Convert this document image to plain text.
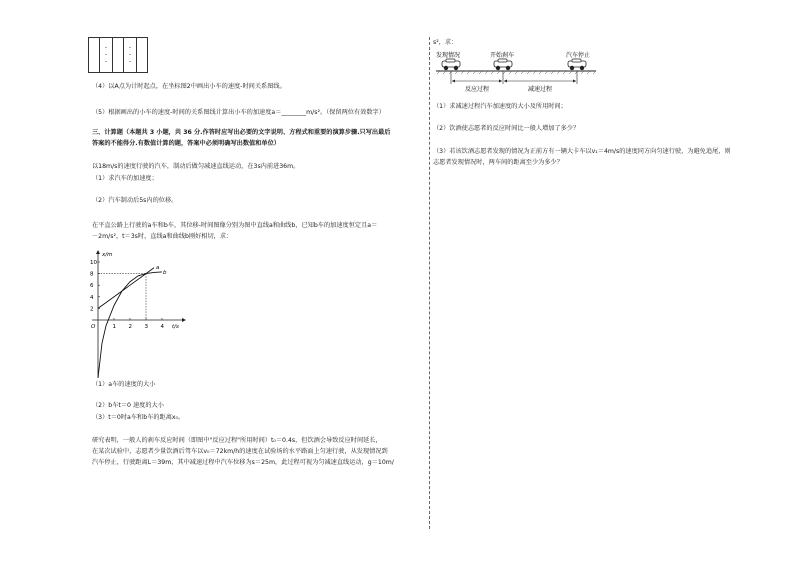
–
–
–

–
–
–

（4）以A点为计时起点，在坐标图2中画出小车的速度-时间关系图线。
（5）根据画出的小车的速度-时间的关系图线计算出小车的加速度a＝________m/s²。（保留两位有效数字）
三、计算题（本题共 3 小题，共 36 分.作答时应写出必要的文字说明、方程式和重要的演算步骤.只写出最后
答案的不能得分.有数值计算的题，答案中必须明确写出数值和单位）
以18m/s的速度行驶的汽车，制动后做匀减速直线运动，在3s内前进36m。
（1）求汽车的加速度；
（2）汽车制动后5s内的位移。
在平直公路上行驶的a车和b车，其位移-时间图像分别为图中直线a和曲线b，已知b车的加速度恒定且a＝
－2m/s²，t＝3s时，直线a和曲线b刚好相切，求：
x/m
t/s
2
4
6
8
10
O	1 2 3 4
a
b
（1）a车的速度的大小
（2）b车t＝0 速度的大小
（3）t＝0时a车和b车的距离x₀。
研究表明，一般人的刹车反应时间（即图中"反应过程"所用时间）t₀＝0.4s，但饮酒会导致反应时间延长，
在某次试验中，志愿者少量饮酒后驾车以v₀＝72km/h的速度在试验场的水平路面上匀速行驶，从发现情况到
汽车停止，行驶距离L＝39m，其中减速过程中汽车位移为s＝25m，此过程可视为匀减速直线运动，g＝10m/
s²，求：
发现情况	开始刹车	汽车停止
反应过程	减速过程
（1）求减速过程汽车加速度的大小及所用时间；
（2）饮酒使志愿者的反应时间比一般人增加了多少？
（3）若该饮酒志愿者发现的情况为正前方有一辆大卡车以v₁＝4m/s的速度同方向匀速行驶，为避免追尾，则
志愿者发现情况时，两车间的距离至少为多少？
